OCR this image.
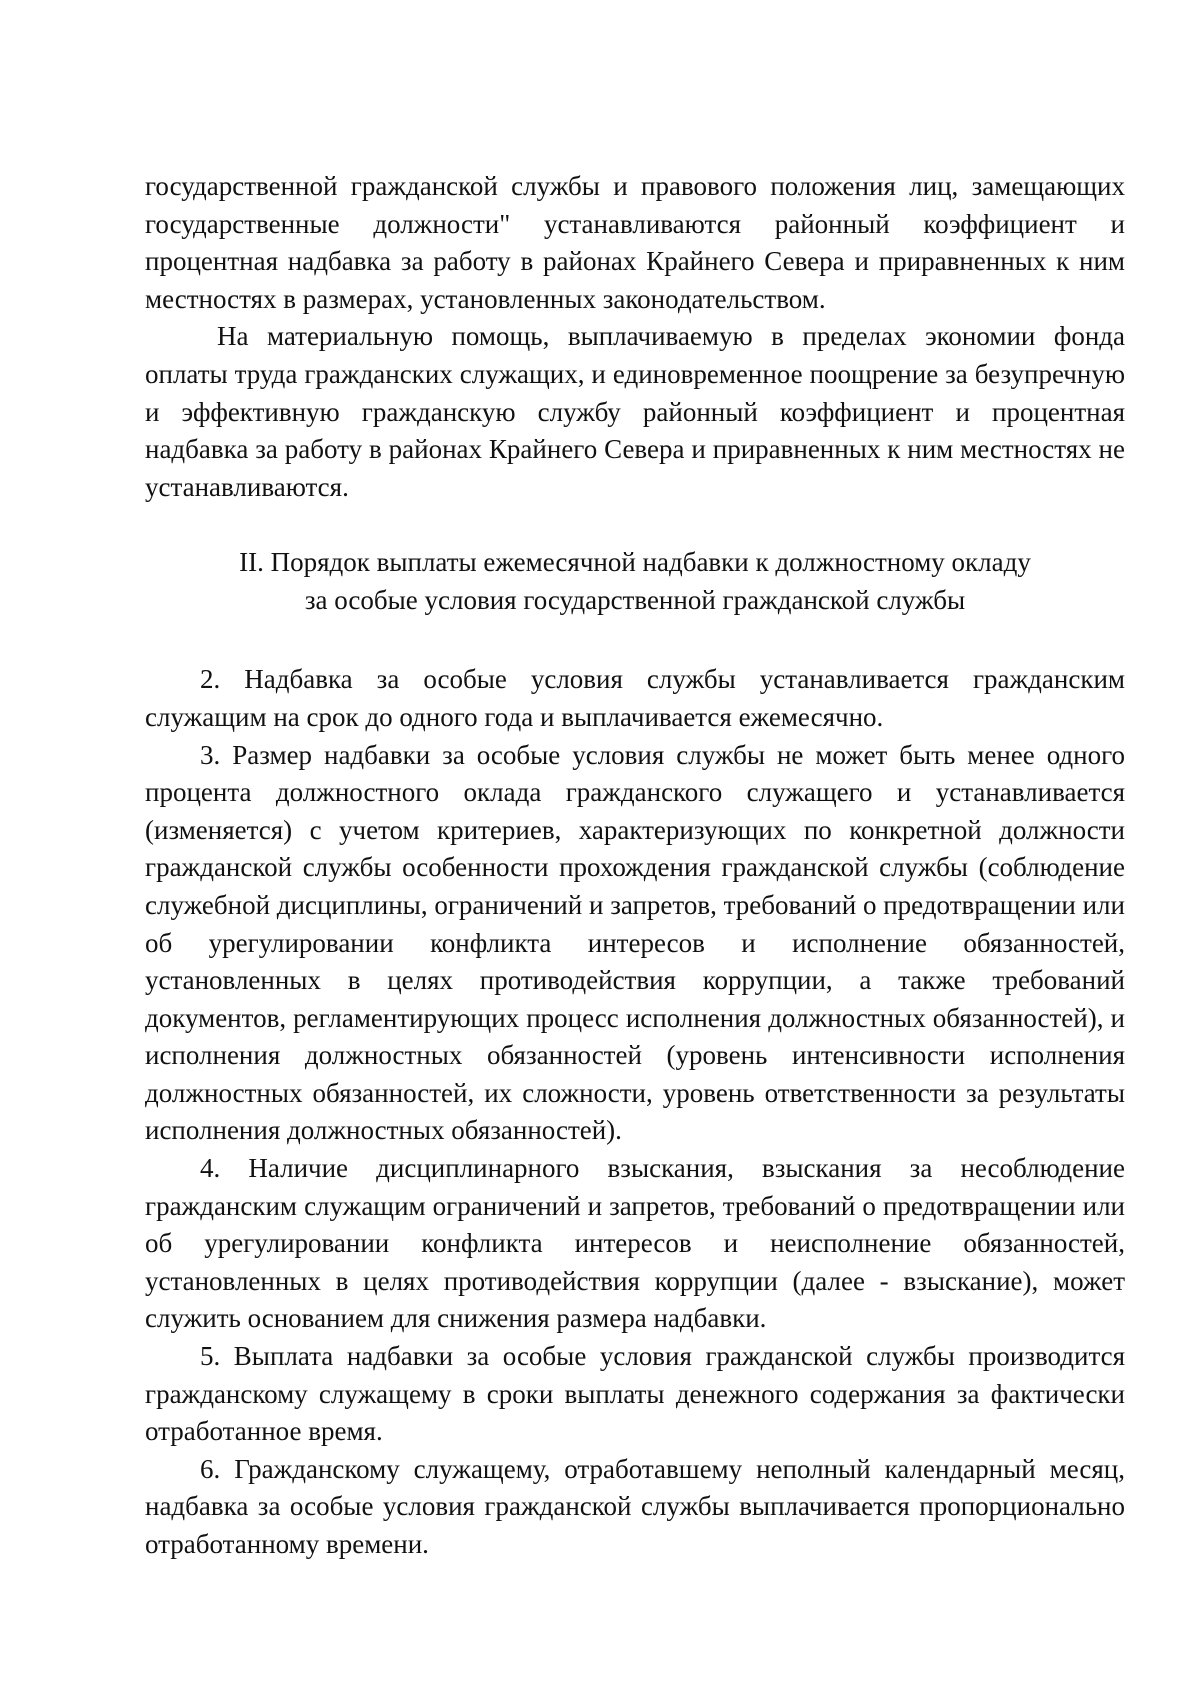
государственной гражданской службы и правового положения лиц, замещающих государственные должности" устанавливаются районный коэффициент и процентная надбавка за работу в районах Крайнего Севера и приравненных к ним местностях в размерах, установленных законодательством.

На материальную помощь, выплачиваемую в пределах экономии фонда оплаты труда гражданских служащих, и единовременное поощрение за безупречную и эффективную гражданскую службу районный коэффициент и процентная надбавка за работу в районах Крайнего Севера и приравненных к ним местностях не устанавливаются.

II. Порядок выплаты ежемесячной надбавки к должностному окладу
за особые условия государственной гражданской службы

2. Надбавка за особые условия службы устанавливается гражданским служащим на срок до одного года и выплачивается ежемесячно.

3. Размер надбавки за особые условия службы не может быть менее одного процента должностного оклада гражданского служащего и устанавливается (изменяется) с учетом критериев, характеризующих по конкретной должности гражданской службы особенности прохождения гражданской службы (соблюдение служебной дисциплины, ограничений и запретов, требований о предотвращении или об урегулировании конфликта интересов и исполнение обязанностей, установленных в целях противодействия коррупции, а также требований документов, регламентирующих процесс исполнения должностных обязанностей), и исполнения должностных обязанностей (уровень интенсивности исполнения должностных обязанностей, их сложности, уровень ответственности за результаты исполнения должностных обязанностей).

4. Наличие дисциплинарного взыскания, взыскания за несоблюдение гражданским служащим ограничений и запретов, требований о предотвращении или об урегулировании конфликта интересов и неисполнение обязанностей, установленных в целях противодействия коррупции (далее - взыскание), может служить основанием для снижения размера надбавки.

5. Выплата надбавки за особые условия гражданской службы производится гражданскому служащему в сроки выплаты денежного содержания за фактически отработанное время.

6. Гражданскому служащему, отработавшему неполный календарный месяц, надбавка за особые условия гражданской службы выплачивается пропорционально отработанному времени.
